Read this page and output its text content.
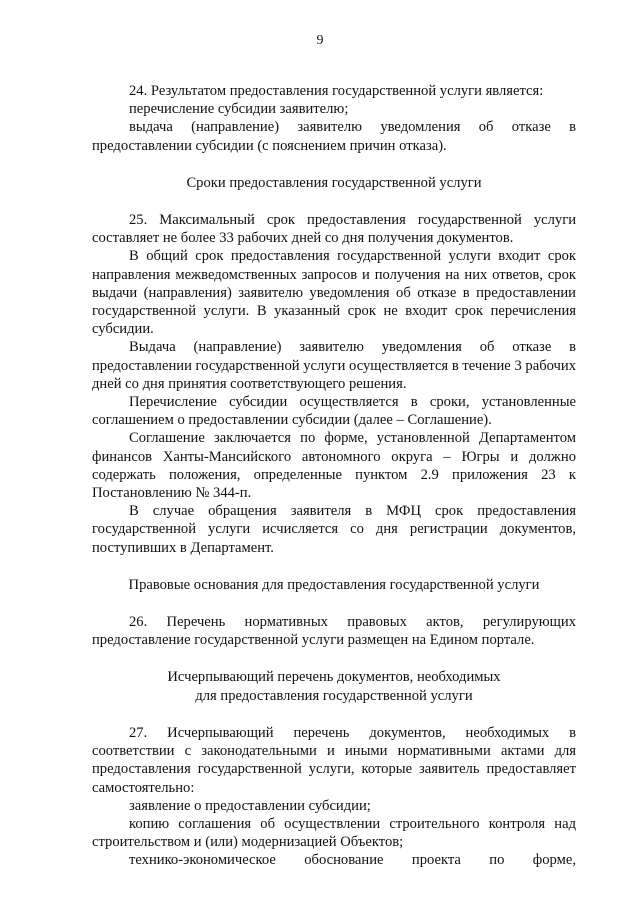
9
24. Результатом предоставления государственной услуги является:
перечисление субсидии заявителю;
выдача (направление) заявителю уведомления об отказе в предоставлении субсидии (с пояснением причин отказа).
Сроки предоставления государственной услуги
25. Максимальный срок предоставления государственной услуги составляет не более 33 рабочих дней со дня получения документов.
В общий срок предоставления государственной услуги входит срок направления межведомственных запросов и получения на них ответов, срок выдачи (направления) заявителю уведомления об отказе в предоставлении государственной услуги. В указанный срок не входит срок перечисления субсидии.
Выдача (направление) заявителю уведомления об отказе в предоставлении государственной услуги осуществляется в течение 3 рабочих дней со дня принятия соответствующего решения.
Перечисление субсидии осуществляется в сроки, установленные соглашением о предоставлении субсидии (далее – Соглашение).
Соглашение заключается по форме, установленной Департаментом финансов Ханты-Мансийского автономного округа – Югры и должно содержать положения, определенные пунктом 2.9 приложения 23 к Постановлению № 344-п.
В случае обращения заявителя в МФЦ срок предоставления государственной услуги исчисляется со дня регистрации документов, поступивших в Департамент.
Правовые основания для предоставления государственной услуги
26. Перечень нормативных правовых актов, регулирующих предоставление государственной услуги размещен на Едином портале.
Исчерпывающий перечень документов, необходимых
для предоставления государственной услуги
27. Исчерпывающий перечень документов, необходимых в соответствии с законодательными и иными нормативными актами для предоставления государственной услуги, которые заявитель предоставляет самостоятельно:
заявление о предоставлении субсидии;
копию соглашения об осуществлении строительного контроля над строительством и (или) модернизацией Объектов;
технико-экономическое обоснование проекта по форме,
